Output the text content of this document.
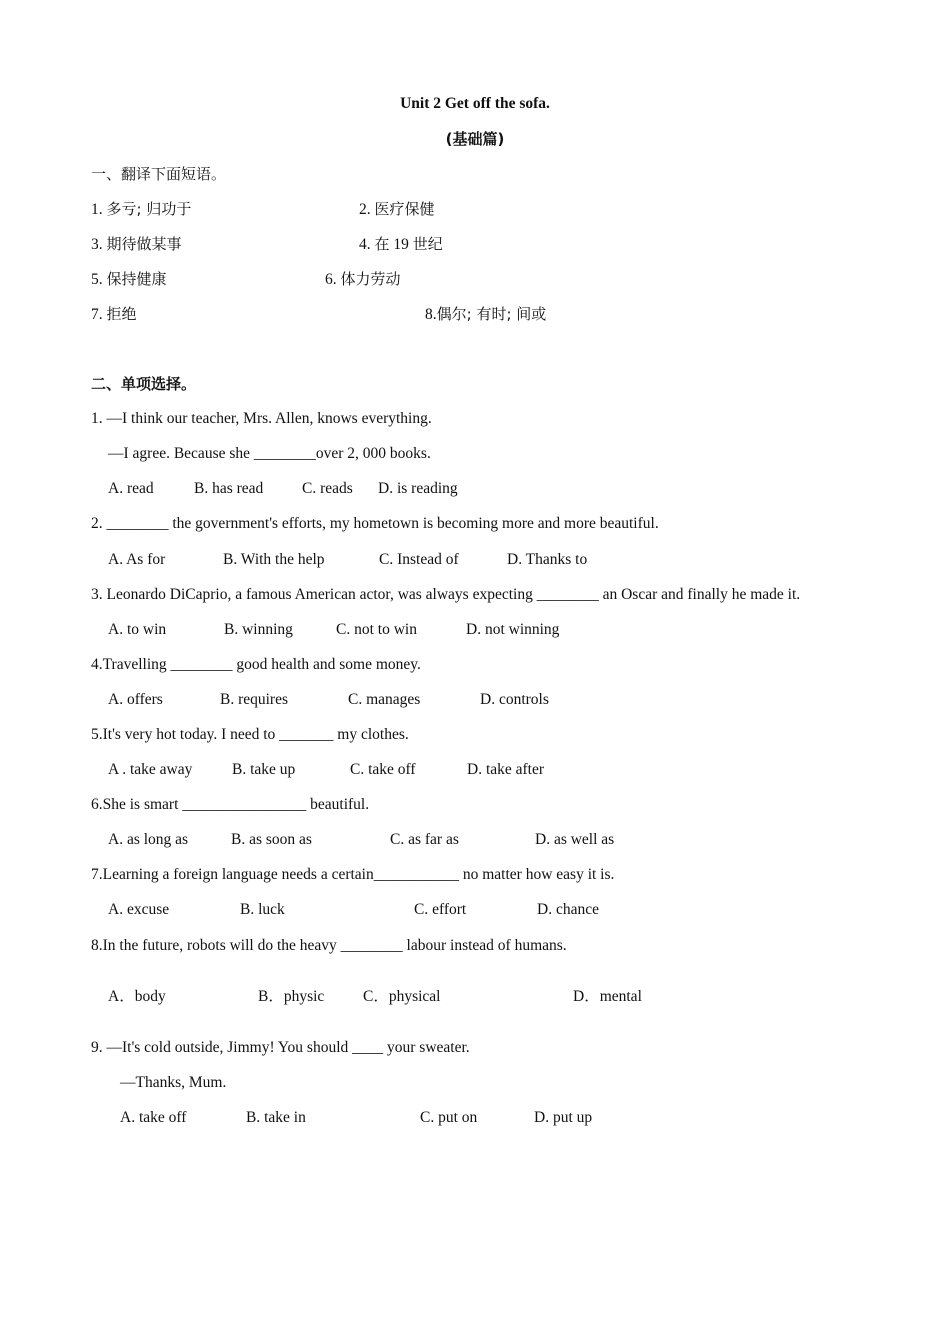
Unit 2 Get off the sofa.
(基础篇)
一、翻译下面短语。
1. 多亏; 归功于	2. 医疗保健
3. 期待做某事	4. 在 19 世纪
5. 保持健康	6. 体力劳动
7. 拒绝	8.偶尔; 有时; 间或
二、单项选择。
1. —I think our teacher, Mrs. Allen, knows everything.
—I agree. Because she ________over 2, 000 books.
A. read	B. has read C. reads D. is reading
2. ________ the government's efforts, my hometown is becoming more and more beautiful.
A. As for	B. With the help	C. Instead of	D. Thanks to
3. Leonardo DiCaprio, a famous American actor, was always expecting ________ an Oscar and finally he made it.
A. to win	B. winning	C. not to win	D. not winning
4.Travelling ________ good health and some money.
A. offers	B. requires	C. manages	D. controls
5.It's very hot today. I need to _______ my clothes.
A . take away	B. take up	C. take off	D. take after
6.She is smart ________________ beautiful.
A. as long as	B. as soon as	C. as far as	D. as well as
7.Learning a foreign language needs a certain___________ no matter how easy it is.
A. excuse	B. luck	C. effort	D. chance
8.In the future, robots will do the heavy ________ labour instead of humans.
A．body	B．physic C．physical	D．mental
9. —It's cold outside, Jimmy! You should ____ your sweater.
—Thanks, Mum.
A. take off	B. take in	C. put on	D. put up
